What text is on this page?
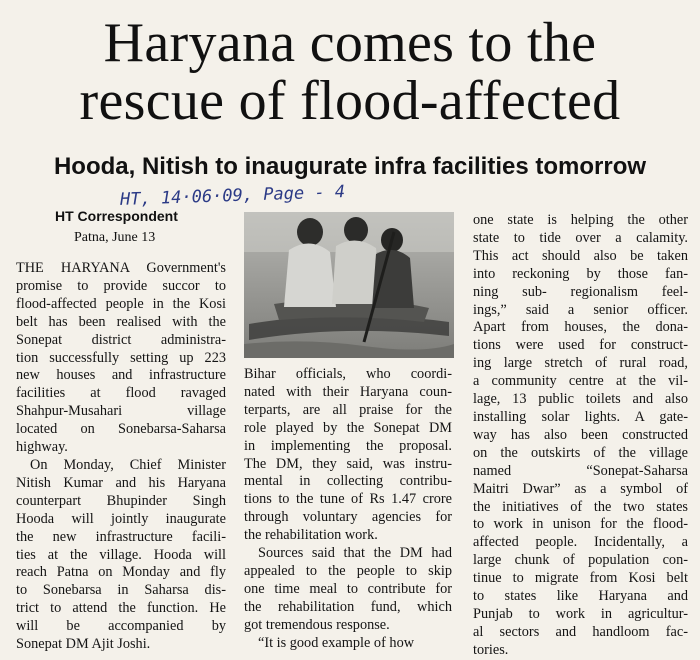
Haryana comes to the
rescue of flood-affected
Hooda, Nitish to inaugurate infra facilities tomorrow
HT, 14·06·09, Page - 4
HT Correspondent
Patna, June 13
THE HARYANA Government's
promise to provide succor to
flood-affected people in the Kosi
belt has been realised with the
Sonepat district administra-
tion successfully setting up 223
new houses and infrastructure
facilities at flood ravaged
Shahpur-Musahari village
located on Sonebarsa-Saharsa
highway.
On Monday, Chief Minister
Nitish Kumar and his Haryana
counterpart Bhupinder Singh
Hooda will jointly inaugurate
the new infrastructure facili-
ties at the village. Hooda will
reach Patna on Monday and fly
to Sonebarsa in Saharsa dis-
trict to attend the function. He
will be accompanied by
Sonepat DM Ajit Joshi.
Bihar officials, who coordi-
nated with their Haryana coun-
terparts, are all praise for the
role played by the Sonepat DM
in implementing the proposal.
The DM, they said, was instru-
mental in collecting contribu-
tions to the tune of Rs 1.47 crore
through voluntary agencies for
the rehabilitation work.
Sources said that the DM had
appealed to the people to skip
one time meal to contribute for
the rehabilitation fund, which
got tremendous response.
“It is good example of how
one state is helping the other
state to tide over a calamity.
This act should also be taken
into reckoning by those fan-
ning sub- regionalism feel-
ings,” said a senior officer.
Apart from houses, the dona-
tions were used for construct-
ing large stretch of rural road,
a community centre at the vil-
lage, 13 public toilets and also
installing solar lights. A gate-
way has also been constructed
on the outskirts of the village
named “Sonepat-Saharsa
Maitri Dwar” as a symbol of
the initiatives of the two states
to work in unison for the flood-
affected people. Incidentally, a
large chunk of population con-
tinue to migrate from Kosi belt
to states like Haryana and
Punjab to work in agricultur-
al sectors and handloom fac-
tories.
